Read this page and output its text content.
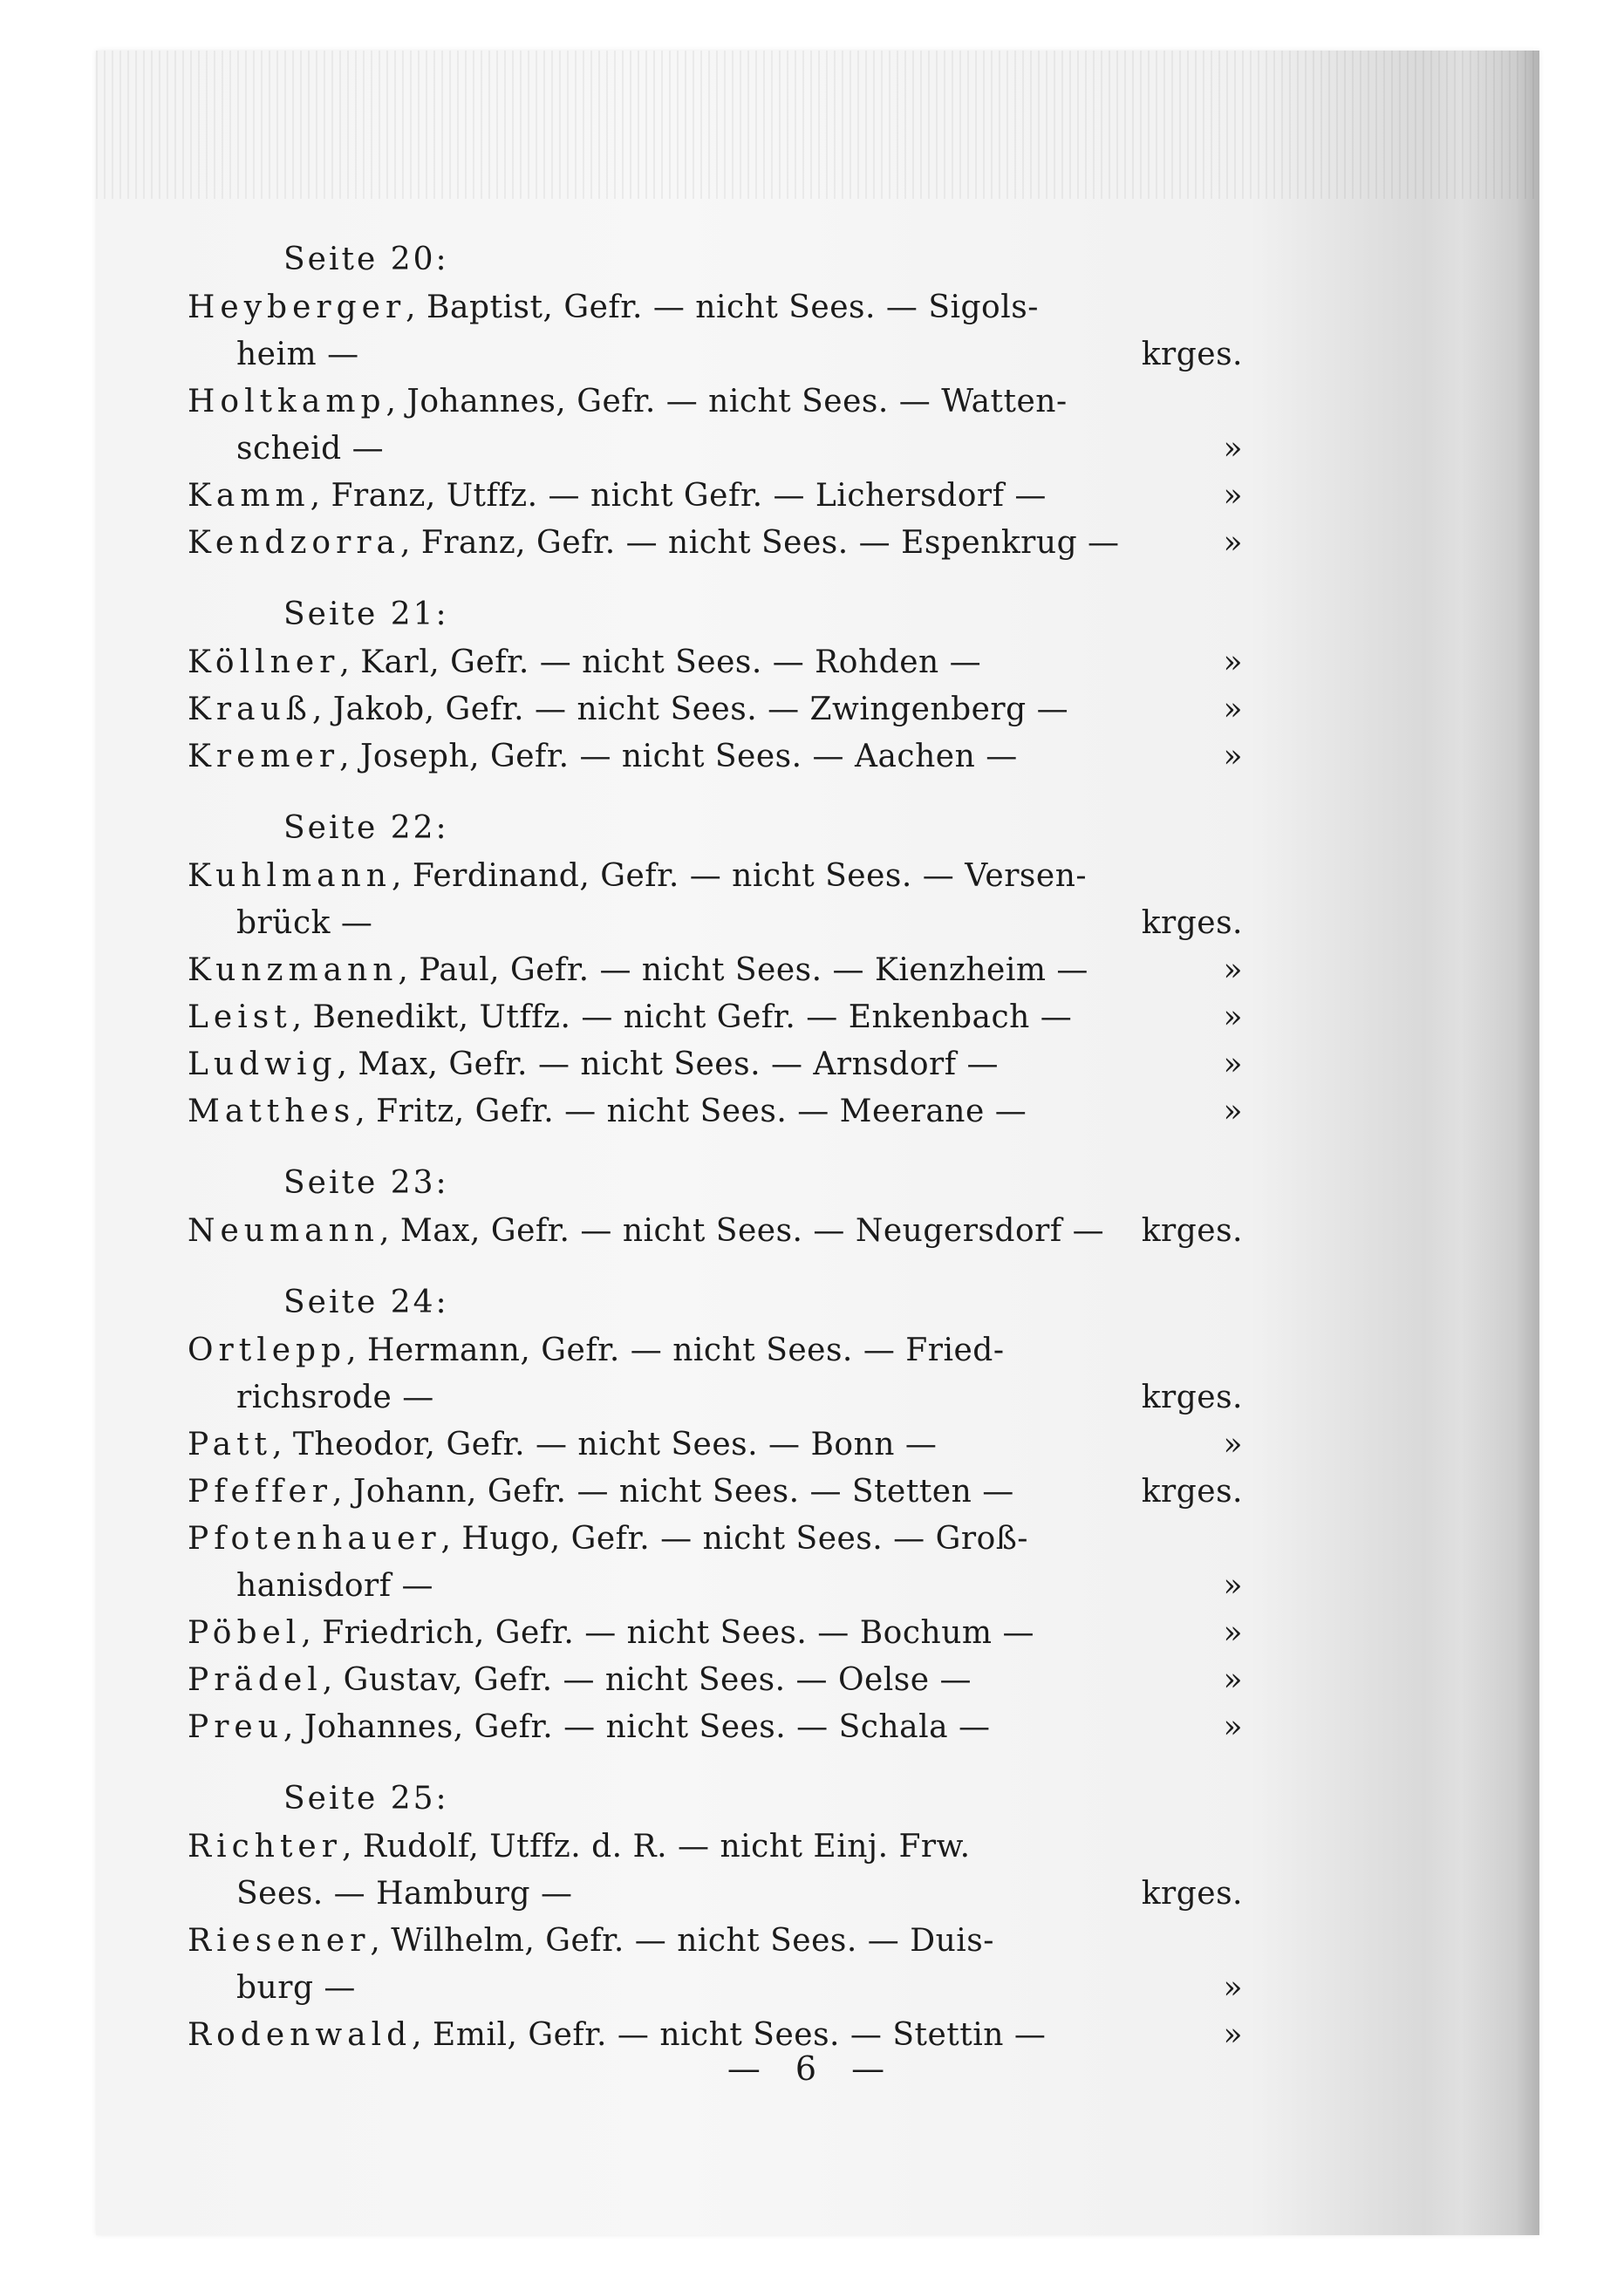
Seite 20:
Heyberger, Baptist, Gefr. — nicht Sees. — Sigols-
heim —	krges.
Holtkamp, Johannes, Gefr. — nicht Sees. — Watten-
scheid —	»
Kamm, Franz, Utffz. — nicht Gefr. — Lichersdorf —	»
Kendzorra, Franz, Gefr. — nicht Sees. — Espenkrug —	»
Seite 21:
Köllner, Karl, Gefr. — nicht Sees. — Rohden —	»
Krauß, Jakob, Gefr. — nicht Sees. — Zwingenberg —	»
Kremer, Joseph, Gefr. — nicht Sees. — Aachen —	»
Seite 22:
Kuhlmann, Ferdinand, Gefr. — nicht Sees. — Versen-
brück —	krges.
Kunzmann, Paul, Gefr. — nicht Sees. — Kienzheim —	»
Leist, Benedikt, Utffz. — nicht Gefr. — Enkenbach —	»
Ludwig, Max, Gefr. — nicht Sees. — Arnsdorf —	»
Matthes, Fritz, Gefr. — nicht Sees. — Meerane —	»
Seite 23:
Neumann, Max, Gefr. — nicht Sees. — Neugersdorf — krges.
Seite 24:
Ortlepp, Hermann, Gefr. — nicht Sees. — Fried-
richsrode —	krges.
Patt, Theodor, Gefr. — nicht Sees. — Bonn —	»
Pfeffer, Johann, Gefr. — nicht Sees. — Stetten —	krges.
Pfotenhauer, Hugo, Gefr. — nicht Sees. — Groß-
hanisdorf —	»
Pöbel, Friedrich, Gefr. — nicht Sees. — Bochum —	»
Prädel, Gustav, Gefr. — nicht Sees. — Oelse —	»
Preu, Johannes, Gefr. — nicht Sees. — Schala —	»
Seite 25:
Richter, Rudolf, Utffz. d. R. — nicht Einj. Frw.
Sees. — Hamburg —	krges.
Riesener, Wilhelm, Gefr. — nicht Sees. — Duis-
burg —	»
Rodenwald, Emil, Gefr. — nicht Sees. — Stettin —	»
— 6 —
